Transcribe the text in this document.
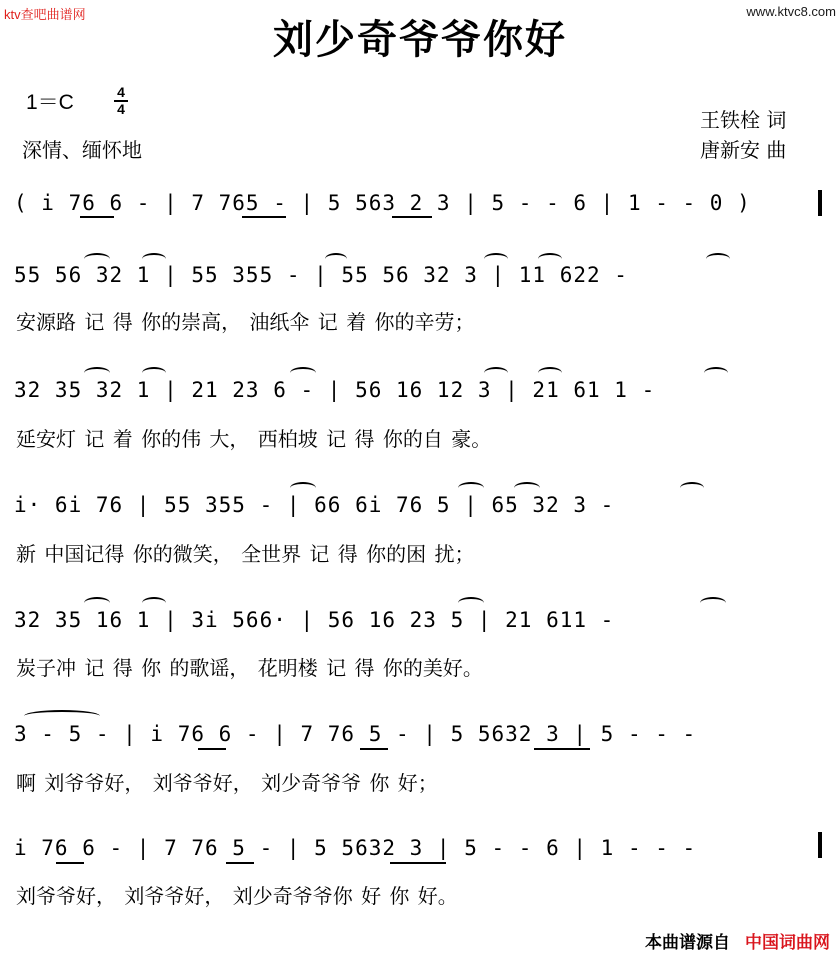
ktv查吧曲谱网	www.ktvc8.com
刘少奇爷爷你好
1＝C	4
4
深情、缅怀地
王铁栓 词
唐新安 曲
( i 76 6 - | 7 765 - | 5 563 2 3 | 5 - - 6 | 1 - - 0 )
55 56 32 1 | 55 355 - | 55 56 32 3 | 11 622 -
安源路 记 得 你的崇高， 油纸伞 记 着 你的辛劳；
32 35 32 1 | 21 23 6 - | 56 16 12 3 | 21 61 1 -
延安灯 记 着 你的伟 大， 西柏坡 记 得 你的自 豪。
i· 6i 76 | 55 355 - | 66 6i 76 5 | 65 32 3 -
新 中国记得 你的微笑， 全世界 记 得 你的困 扰；
32 35 16 1 | 3i 566· | 56 16 23 5 | 21 611 -
炭子冲 记 得 你 的歌谣， 花明楼 记 得 你的美好。
3 - 5 - | i 76 6 - | 7 76 5 - | 5 5632 3 | 5 - - -
啊 刘爷爷好， 刘爷爷好， 刘少奇爷爷 你 好；
i 76 6 - | 7 76 5 - | 5 5632 3 | 5 - - 6 | 1 - - -
刘爷爷好， 刘爷爷好， 刘少奇爷爷你 好 你 好。
本曲谱源自 中国词曲网
